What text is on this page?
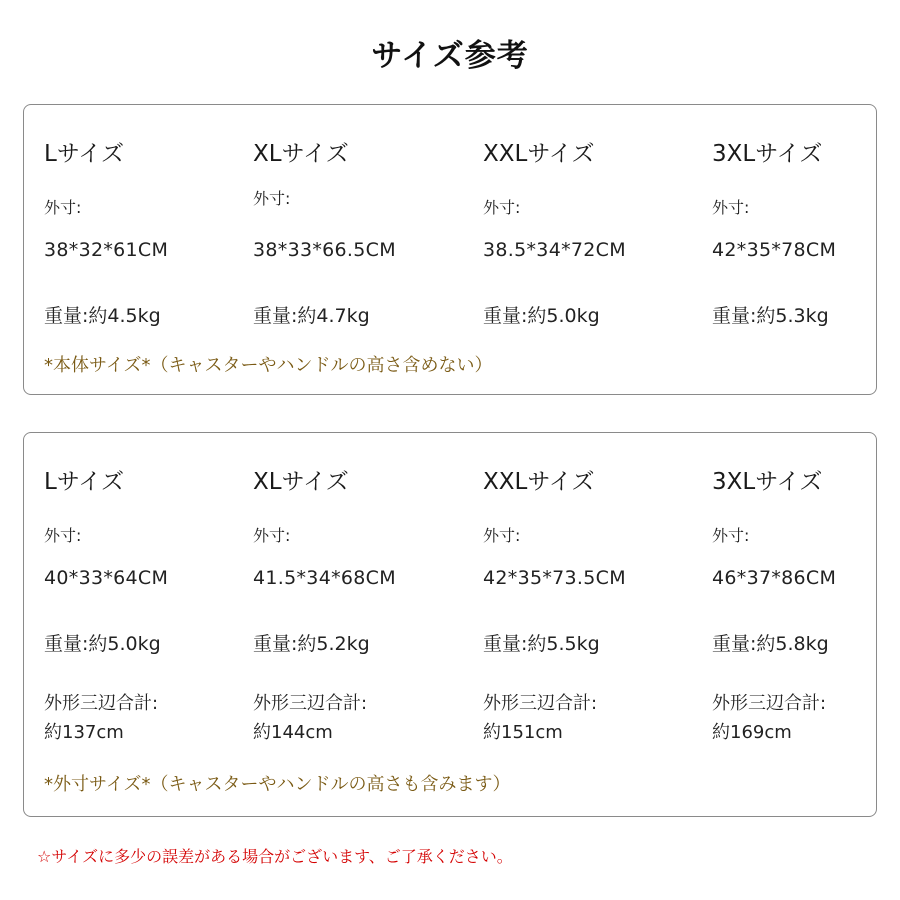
サイズ参考
Lサイズ
外寸:
38*32*61CM
重量:約4.5kg
XLサイズ
外寸:
38*33*66.5CM
重量:約4.7kg
XXLサイズ
外寸:
38.5*34*72CM
重量:約5.0kg
3XLサイズ
外寸:
42*35*78CM
重量:約5.3kg
*本体サイズ*（キャスターやハンドルの高さ含めない）
Lサイズ
外寸:
40*33*64CM
重量:約5.0kg
外形三辺合計:
約137cm
XLサイズ
外寸:
41.5*34*68CM
重量:約5.2kg
外形三辺合計:
約144cm
XXLサイズ
外寸:
42*35*73.5CM
重量:約5.5kg
外形三辺合計:
約151cm
3XLサイズ
外寸:
46*37*86CM
重量:約5.8kg
外形三辺合計:
約169cm
*外寸サイズ*（キャスターやハンドルの高さも含みます）
☆サイズに多少の誤差がある場合がございます、ご了承ください。
